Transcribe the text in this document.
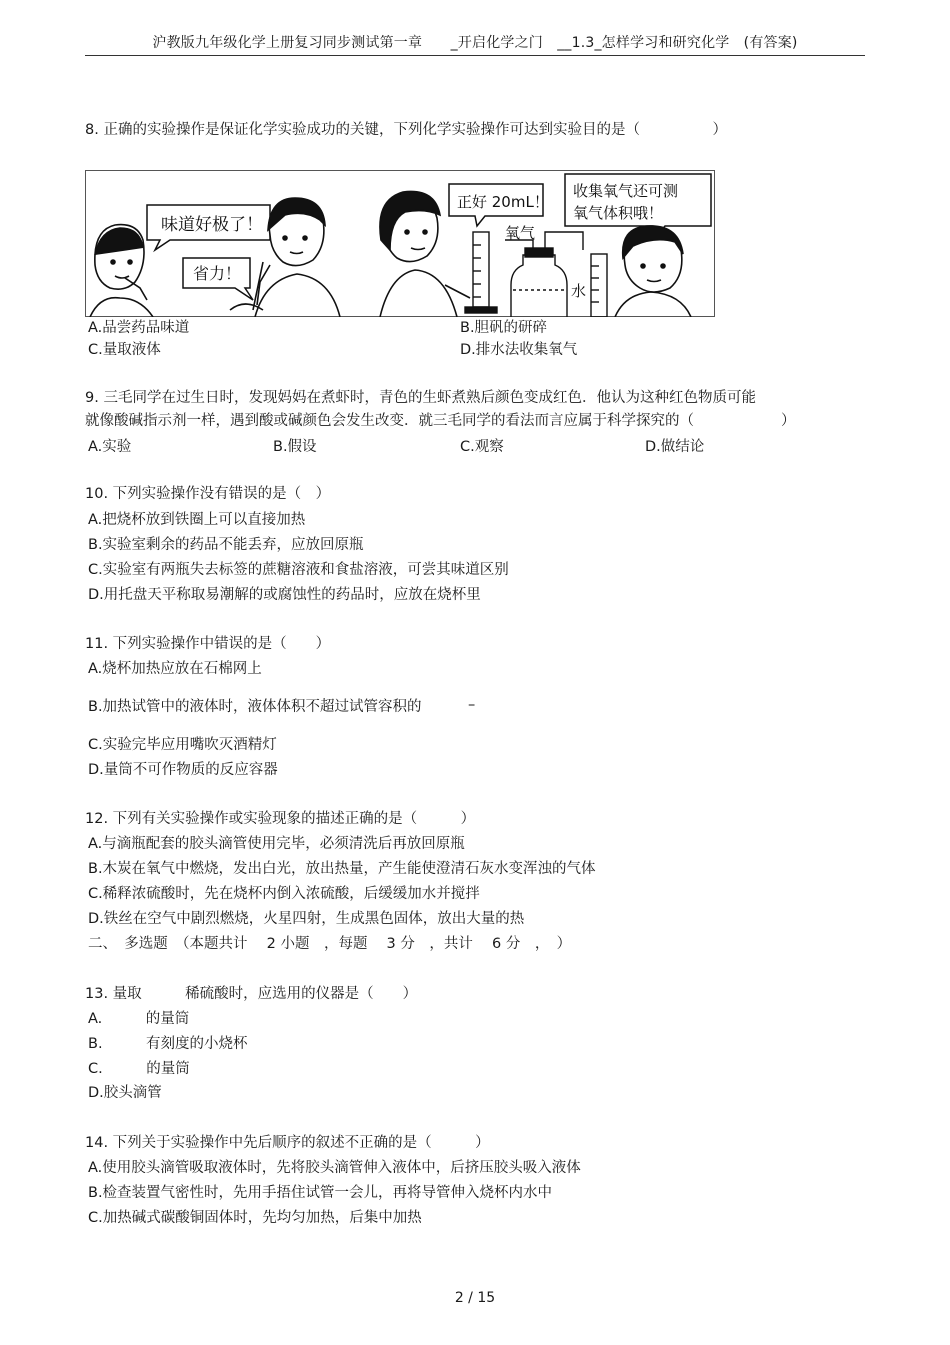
沪教版九年级化学上册复习同步测试第一章　　_开启化学之门　__1.3_怎样学习和研究化学　(有答案)
8. 正确的实验操作是保证化学实验成功的关键，下列化学实验操作可达到实验目的是（　　　　　）
味道好极了！
省力！
正好 20mL！
氧气
水
收集氧气还可测
氧气体积哦！
A.品尝药品味道	B.胆矾的研碎
C.量取液体	D.排水法收集氧气
9. 三毛同学在过生日时，发现妈妈在煮虾时，青色的生虾煮熟后颜色变成红色．他认为这种红色物质可能
就像酸碱指示剂一样，遇到酸或碱颜色会发生改变．就三毛同学的看法而言应属于科学探究的（　　　　　　）
A.实验	B.假设	C.观察	D.做结论
10. 下列实验操作没有错误的是（　）
A.把烧杯放到铁圈上可以直接加热
B.实验室剩余的药品不能丢弃，应放回原瓶
C.实验室有两瓶失去标签的蔗糖溶液和食盐溶液，可尝其味道区别
D.用托盘天平称取易潮解的或腐蚀性的药品时，应放在烧杯里
11. 下列实验操作中错误的是（　　）
A.烧杯加热应放在石棉网上
B.加热试管中的液体时，液体体积不超过试管容积的	–
C.实验完毕应用嘴吹灭酒精灯
D.量筒不可作物质的反应容器
12. 下列有关实验操作或实验现象的描述正确的是（　　　）
A.与滴瓶配套的胶头滴管使用完毕，必须清洗后再放回原瓶
B.木炭在氧气中燃烧，发出白光，放出热量，产生能使澄清石灰水变浑浊的气体
C.稀释浓硫酸时，先在烧杯内倒入浓硫酸，后缓缓加水并搅拌
D.铁丝在空气中剧烈燃烧，火星四射，生成黑色固体，放出大量的热
二、　多选题　（本题共计　 2 小题　，每题　 3 分　，共计　 6 分　，　）
13. 量取　　　稀硫酸时，应选用的仪器是（　　）
A.　　　的量筒
B.　　　有刻度的小烧杯
C.　　　的量筒
D.胶头滴管
14. 下列关于实验操作中先后顺序的叙述不正确的是（　　　）
A.使用胶头滴管吸取液体时，先将胶头滴管伸入液体中，后挤压胶头吸入液体
B.检查装置气密性时，先用手捂住试管一会儿，再将导管伸入烧杯内水中
C.加热碱式碳酸铜固体时，先均匀加热，后集中加热
2 / 15
